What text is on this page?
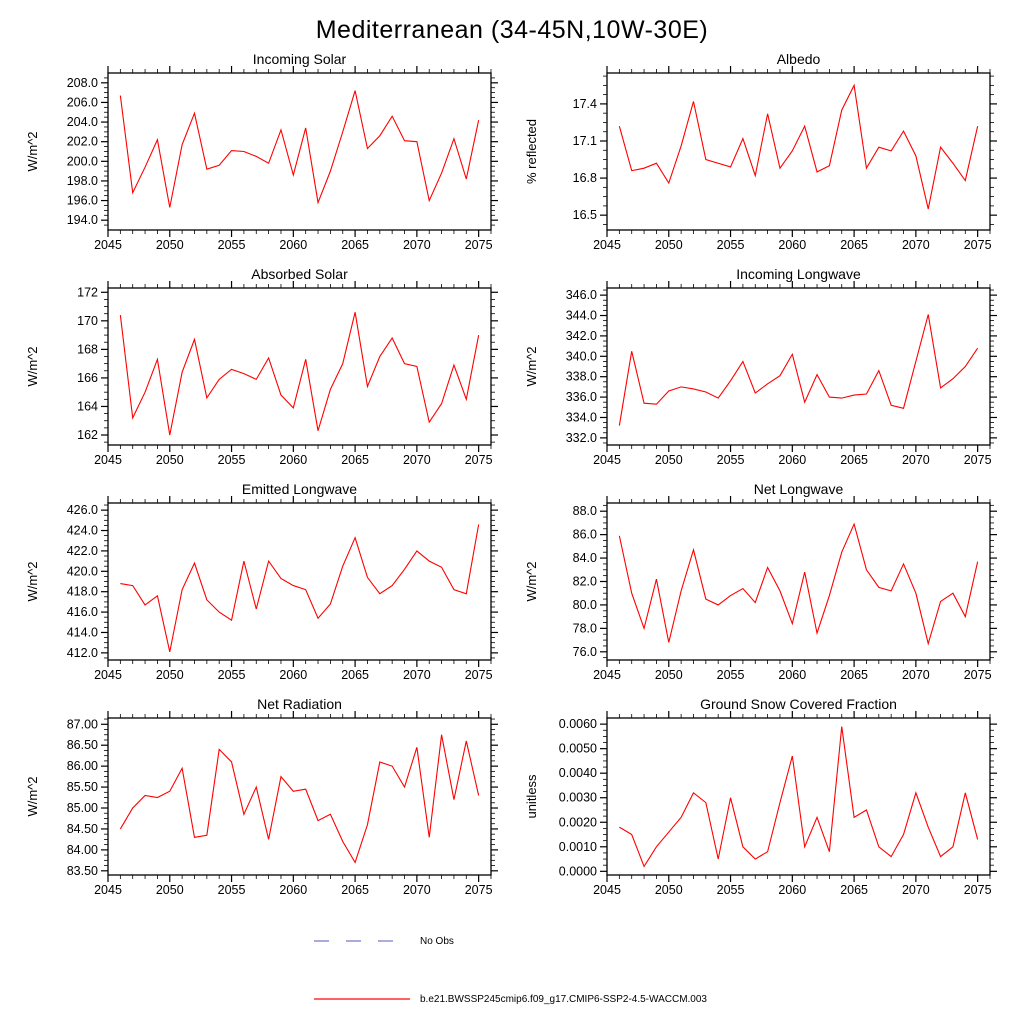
Mediterranean (34-45N,10W-30E)
2045	2050	2055	2060	2065	2070	2075
194.0
196.0
198.0
200.0
202.0
204.0
206.0
208.0
Incoming Solar
W/m^2
2045	2050	2055	2060	2065	2070	2075
16.5
16.8
17.1
17.4
Albedo
% reflected
2045	2050	2055	2060	2065	2070	2075
162
164
166
168
170
172
Absorbed Solar
W/m^2
2045	2050	2055	2060	2065	2070	2075
332.0
334.0
336.0
338.0
340.0
342.0
344.0
346.0
Incoming Longwave
W/m^2
2045	2050	2055	2060	2065	2070	2075
412.0
414.0
416.0
418.0
420.0
422.0
424.0
426.0
Emitted Longwave
W/m^2
2045	2050	2055	2060	2065	2070	2075
76.0
78.0
80.0
82.0
84.0
86.0
88.0
Net Longwave
W/m^2
2045	2050	2055	2060	2065	2070	2075
83.50
84.00
84.50
85.00
85.50
86.00
86.50
87.00
Net Radiation
W/m^2
2045	2050	2055	2060	2065	2070	2075
0.0000
0.0010
0.0020
0.0030
0.0040
0.0050
0.0060
Ground Snow Covered Fraction
unitless
No Obs
b.e21.BWSSP245cmip6.f09_g17.CMIP6-SSP2-4.5-WACCM.003
